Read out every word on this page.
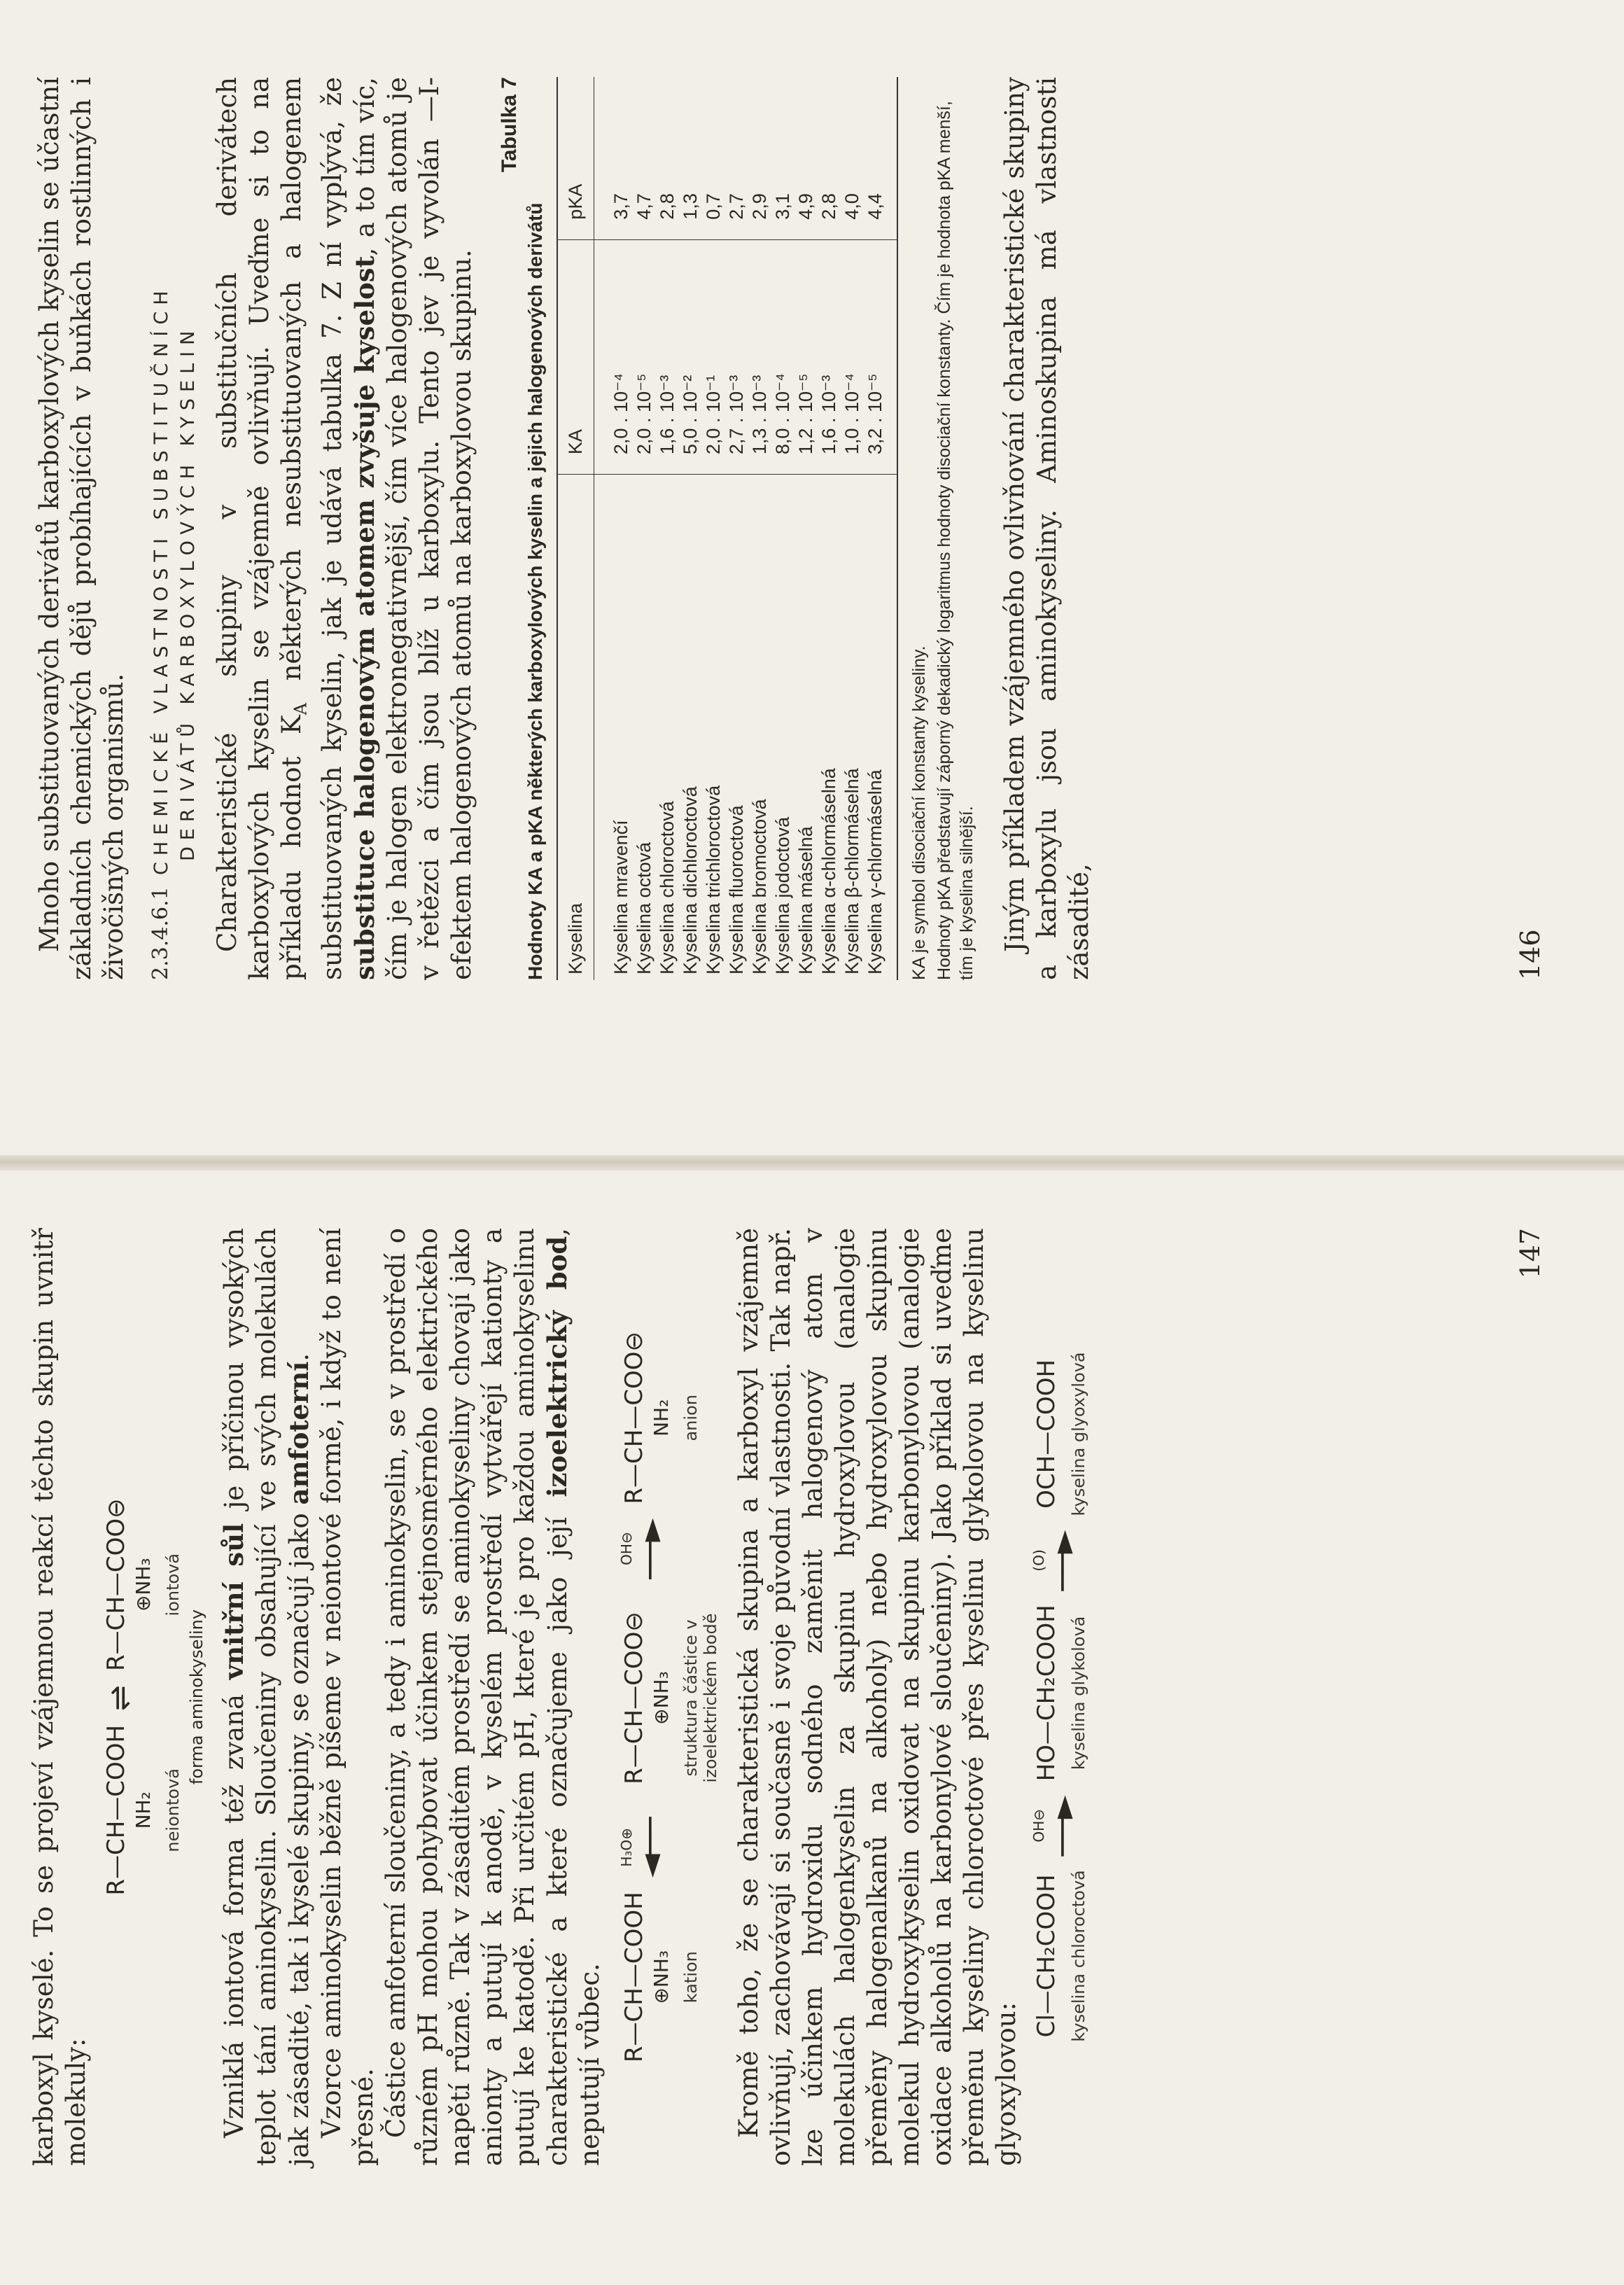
Mnoho substituovaných derivátů karboxylových kyselin se účastní základních chemických dějů probíhajících v buňkách rostlinných i živočišných organismů. 2.3.4.6.1
CHEMICKÉ VLASTNOSTI SUBSTITUČNÍCH DERIVÁTŮ KARBOXYLOVÝCH KYSELIN Charakteristické skupiny v substitučních derivátech karboxylových kyselin se vzájemně ovlivňují. Uveďme si to na příkladu hodnot $K_A$ některých nesubstituovaných a halogenem substituovaných kyselin, jak je udává tabulka 7. Z ní vyplývá, že substituce halogenovým atomem zvyšuje kyselost, a to tím víc, čím je halogen elektronegativnější, čím více halogenových atomů je v řetězci a čím jsou blíž u karboxylu. Tento jev je vyvolán —I-efektem halogenových atomů na karboxylovou skupinu.

Tabulka 7
Hodnoty KA a pKA některých karboxylových kyselin a jejich halogenových derivátů Kyselina	KA	pKA
Kyselina mravenčí	2,0 . 10⁻⁴	3,7
Kyselina octová	2,0 . 10⁻⁵	4,7
Kyselina chloroctová	1,6 . 10⁻³	2,8
Kyselina dichloroctová	5,0 . 10⁻²	1,3
Kyselina trichloroctová	2,0 . 10⁻¹	0,7
Kyselina fluoroctová	2,7 . 10⁻³	2,7
Kyselina bromoctová	1,3 . 10⁻³	2,9
Kyselina jodoctová	8,0 . 10⁻⁴	3,1
Kyselina máselná	1,2 . 10⁻⁵	4,9
Kyselina α-chlormáselná	1,6 . 10⁻³	2,8
Kyselina β-chlormáselná	1,0 . 10⁻⁴	4,0
Kyselina γ-chlormáselná	3,2 . 10⁻⁵	4,4

KA je symbol disociační konstanty kyseliny. Hodnoty pKA představují záporný dekadický logaritmus hodnoty disociační konstanty. Čím je hodnota pKA menší, tím je kyselina silnější. Jiným příkladem vzájemného ovlivňování charakteristické skupiny a karboxylu jsou aminokyseliny. Aminoskupina má vlastnosti zásadité,	146

karboxyl kyselé. To se projeví vzájemnou reakcí těchto skupin uvnitř molekuly:

R—CH—COOH NH₂ neiontová
⇌
R—CH—COO⊖ ⊕NH₃ iontová
forma aminokyseliny Vzniklá iontová forma též zvaná vnitřní sůl je příčinou vysokých teplot tání aminokyselin. Sloučeniny obsahující ve svých molekulách jak zásadité, tak i kyselé skupiny, se označují jako amfoterní. Vzorce aminokyselin běžně píšeme v neiontové formě, i když to není přesné. Částice amfoterní sloučeniny, a tedy i aminokyselin, se v prostředí o různém pH mohou pohybovat účinkem stejnosměrného elektrického napětí různě. Tak v zásaditém prostředí se aminokyseliny chovají jako anionty a putují k anodě, v kyselém prostředí vytvářejí kationty a putují ke katodě. Při určitém pH, které je pro každou aminokyselinu charakteristické a které označujeme jako její izoelektrický bod, neputují vůbec. R—CH—COOH ⊕NH₃ kation
H₃O⊕
◄──
R—CH—COO⊖ ⊕NH₃ struktura částice v izoelektrickém bodě
OH⊖
──►
R—CH—COO⊖ NH₂ anion Kromě toho, že se charakteristická skupina a karboxyl vzájemně ovlivňují, zachovávají si současně i svoje původní vlastnosti. Tak např. lze účinkem hydroxidu sodného zaměnit halogenový atom v molekulách halogenkyselin za skupinu hydroxylovou (analogie přeměny halogenalkanů na alkoholy) nebo hydroxylovou skupinu molekul hydroxykyselin oxidovat na skupinu karbonylovou (analogie oxidace alkoholů na karbonylové sloučeniny). Jako příklad si uveďme přeměnu kyseliny chloroctové přes kyselinu glykolovou na kyselinu glyoxylovou:

Cl—CH₂COOH kyselina chloroctová
OH⊖
──►
HO—CH₂COOH kyselina glykolová
(O)
──►
OCH—COOH kyselina glyoxylová
147
